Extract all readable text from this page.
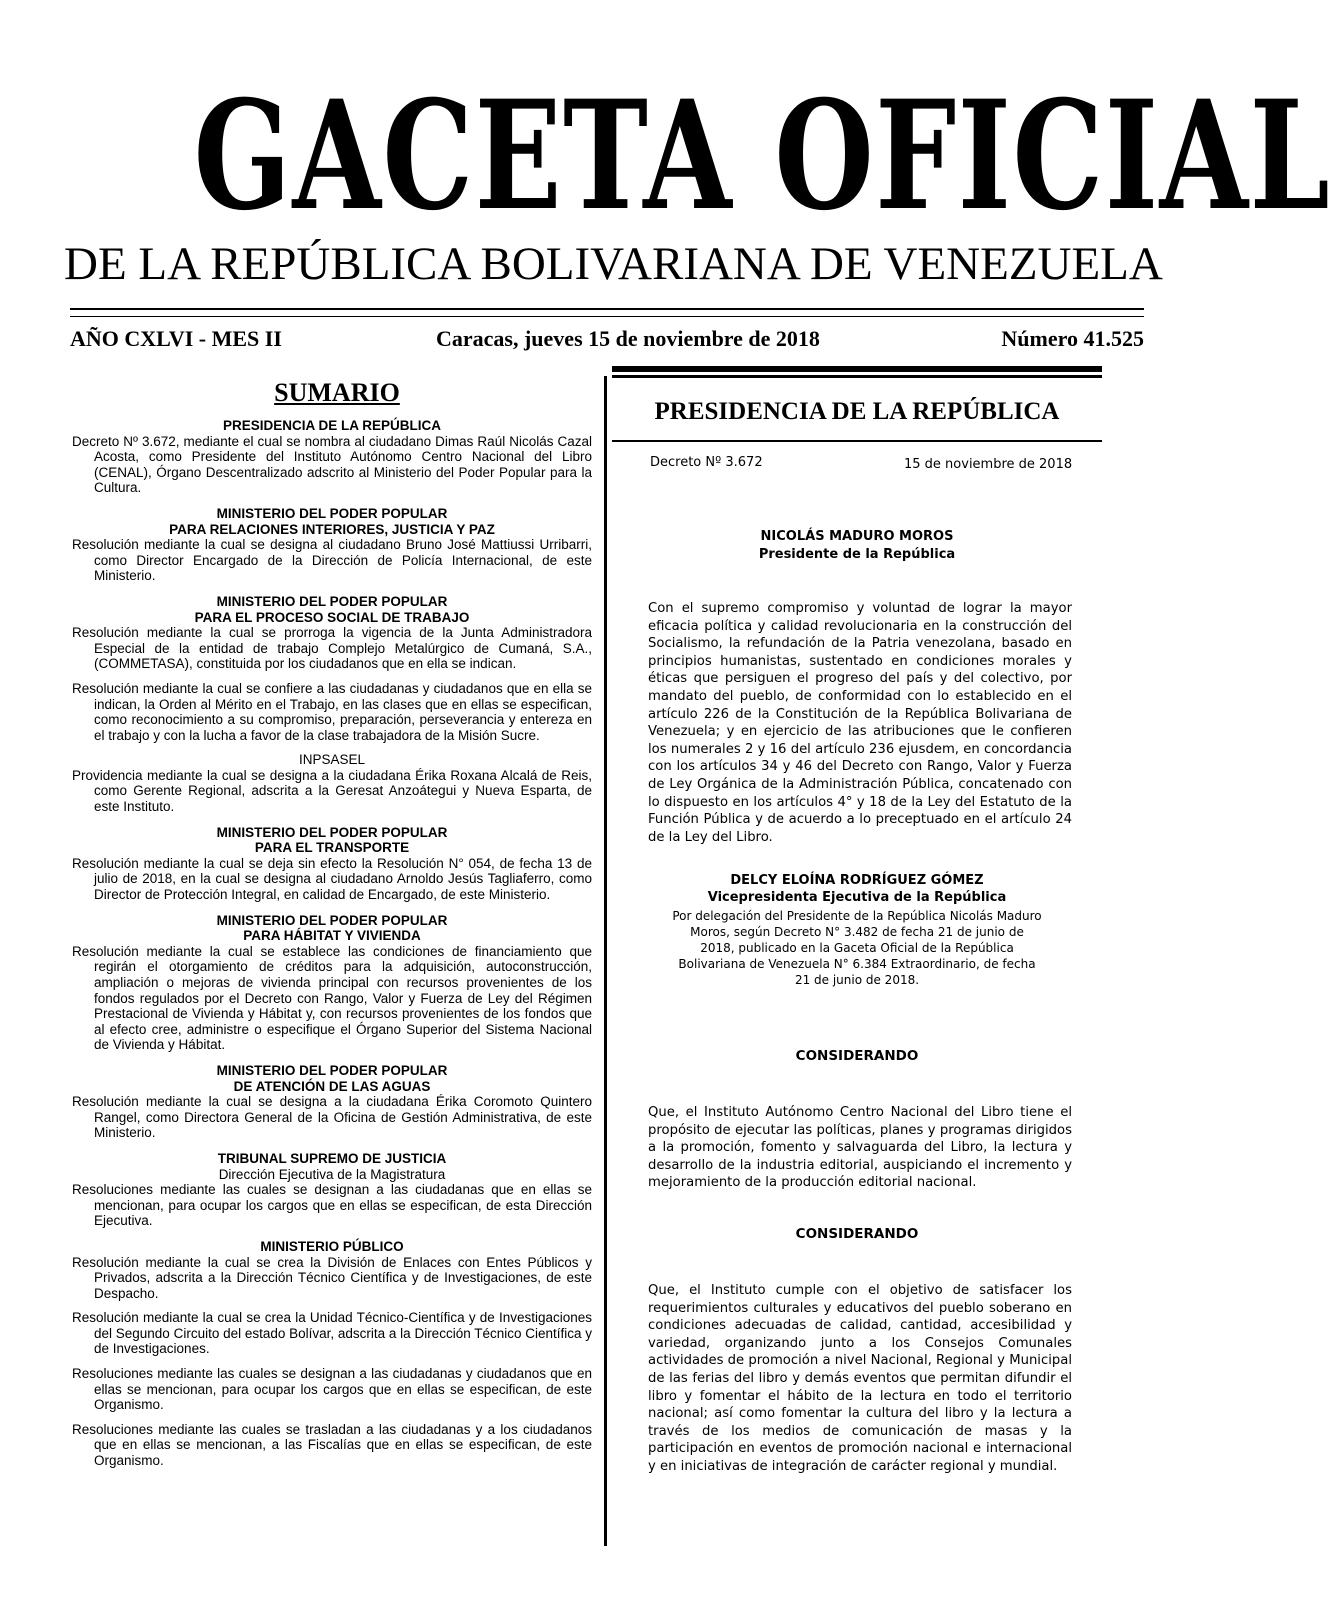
GACETA OFICIAL
DE LA REPÚBLICA BOLIVARIANA DE VENEZUELA
AÑO CXLVI - MES II	Caracas, jueves 15 de noviembre de 2018	Número 41.525
SUMARIO
PRESIDENCIA DE LA REPÚBLICA

Decreto Nº 3.672, mediante el cual se nombra al ciudadano Dimas Raúl Nicolás Cazal Acosta, como Presidente del Instituto Autónomo Centro Nacional del Libro (CENAL), Órgano Descentralizado adscrito al Ministerio del Poder Popular para la Cultura.

MINISTERIO DEL PODER POPULAR
PARA RELACIONES INTERIORES, JUSTICIA Y PAZ

Resolución mediante la cual se designa al ciudadano Bruno José Mattiussi Urribarri, como Director Encargado de la Dirección de Policía Internacional, de este Ministerio.

MINISTERIO DEL PODER POPULAR
PARA EL PROCESO SOCIAL DE TRABAJO

Resolución mediante la cual se prorroga la vigencia de la Junta Administradora Especial de la entidad de trabajo Complejo Metalúrgico de Cumaná, S.A., (COMMETASA), constituida por los ciudadanos que en ella se indican.

Resolución mediante la cual se confiere a las ciudadanas y ciudadanos que en ella se indican, la Orden al Mérito en el Trabajo, en las clases que en ellas se especifican, como reconocimiento a su compromiso, preparación, perseverancia y entereza en el trabajo y con la lucha a favor de la clase trabajadora de la Misión Sucre.

INPSASEL

Providencia mediante la cual se designa a la ciudadana Érika Roxana Alcalá de Reis, como Gerente Regional, adscrita a la Geresat Anzoátegui y Nueva Esparta, de este Instituto.

MINISTERIO DEL PODER POPULAR
PARA EL TRANSPORTE

Resolución mediante la cual se deja sin efecto la Resolución N° 054, de fecha 13 de julio de 2018, en la cual se designa al ciudadano Arnoldo Jesús Tagliaferro, como Director de Protección Integral, en calidad de Encargado, de este Ministerio.

MINISTERIO DEL PODER POPULAR
PARA HÁBITAT Y VIVIENDA

Resolución mediante la cual se establece las condiciones de financiamiento que regirán el otorgamiento de créditos para la adquisición, autoconstrucción, ampliación o mejoras de vivienda principal con recursos provenientes de los fondos regulados por el Decreto con Rango, Valor y Fuerza de Ley del Régimen Prestacional de Vivienda y Hábitat y, con recursos provenientes de los fondos que al efecto cree, administre o especifique el Órgano Superior del Sistema Nacional de Vivienda y Hábitat.

MINISTERIO DEL PODER POPULAR
DE ATENCIÓN DE LAS AGUAS

Resolución mediante la cual se designa a la ciudadana Érika Coromoto Quintero Rangel, como Directora General de la Oficina de Gestión Administrativa, de este Ministerio.

TRIBUNAL SUPREMO DE JUSTICIA
Dirección Ejecutiva de la Magistratura

Resoluciones mediante las cuales se designan a las ciudadanas que en ellas se mencionan, para ocupar los cargos que en ellas se especifican, de esta Dirección Ejecutiva.

MINISTERIO PÚBLICO

Resolución mediante la cual se crea la División de Enlaces con Entes Públicos y Privados, adscrita a la Dirección Técnico Científica y de Investigaciones, de este Despacho.

Resolución mediante la cual se crea la Unidad Técnico-Científica y de Investigaciones del Segundo Circuito del estado Bolívar, adscrita a la Dirección Técnico Científica y de Investigaciones.

Resoluciones mediante las cuales se designan a las ciudadanas y ciudadanos que en ellas se mencionan, para ocupar los cargos que en ellas se especifican, de este Organismo.

Resoluciones mediante las cuales se trasladan a las ciudadanas y a los ciudadanos que en ellas se mencionan, a las Fiscalías que en ellas se especifican, de este Organismo.

PRESIDENCIA DE LA REPÚBLICA
Decreto Nº 3.672	15 de noviembre de 2018
NICOLÁS MADURO MOROS
Presidente de la República

Con el supremo compromiso y voluntad de lograr la mayor eficacia política y calidad revolucionaria en la construcción del Socialismo, la refundación de la Patria venezolana, basado en principios humanistas, sustentado en condiciones morales y éticas que persiguen el progreso del país y del colectivo, por mandato del pueblo, de conformidad con lo establecido en el artículo 226 de la Constitución de la República Bolivariana de Venezuela; y en ejercicio de las atribuciones que le confieren los numerales 2 y 16 del artículo 236 ejusdem, en concordancia con los artículos 34 y 46 del Decreto con Rango, Valor y Fuerza de Ley Orgánica de la Administración Pública, concatenado con lo dispuesto en los artículos 4° y 18 de la Ley del Estatuto de la Función Pública y de acuerdo a lo preceptuado en el artículo 24 de la Ley del Libro.

DELCY ELOÍNA RODRÍGUEZ GÓMEZ
Vicepresidenta Ejecutiva de la República
Por delegación del Presidente de la República Nicolás Maduro Moros, según Decreto N° 3.482 de fecha 21 de junio de 2018, publicado en la Gaceta Oficial de la República Bolivariana de Venezuela N° 6.384 Extraordinario, de fecha 21 de junio de 2018.
CONSIDERANDO

Que, el Instituto Autónomo Centro Nacional del Libro tiene el propósito de ejecutar las políticas, planes y programas dirigidos a la promoción, fomento y salvaguarda del Libro, la lectura y desarrollo de la industria editorial, auspiciando el incremento y mejoramiento de la producción editorial nacional.

CONSIDERANDO

Que, el Instituto cumple con el objetivo de satisfacer los requerimientos culturales y educativos del pueblo soberano en condiciones adecuadas de calidad, cantidad, accesibilidad y variedad, organizando junto a los Consejos Comunales actividades de promoción a nivel Nacional, Regional y Municipal de las ferias del libro y demás eventos que permitan difundir el libro y fomentar el hábito de la lectura en todo el territorio nacional; así como fomentar la cultura del libro y la lectura a través de los medios de comunicación de masas y la participación en eventos de promoción nacional e internacional y en iniciativas de integración de carácter regional y mundial.
